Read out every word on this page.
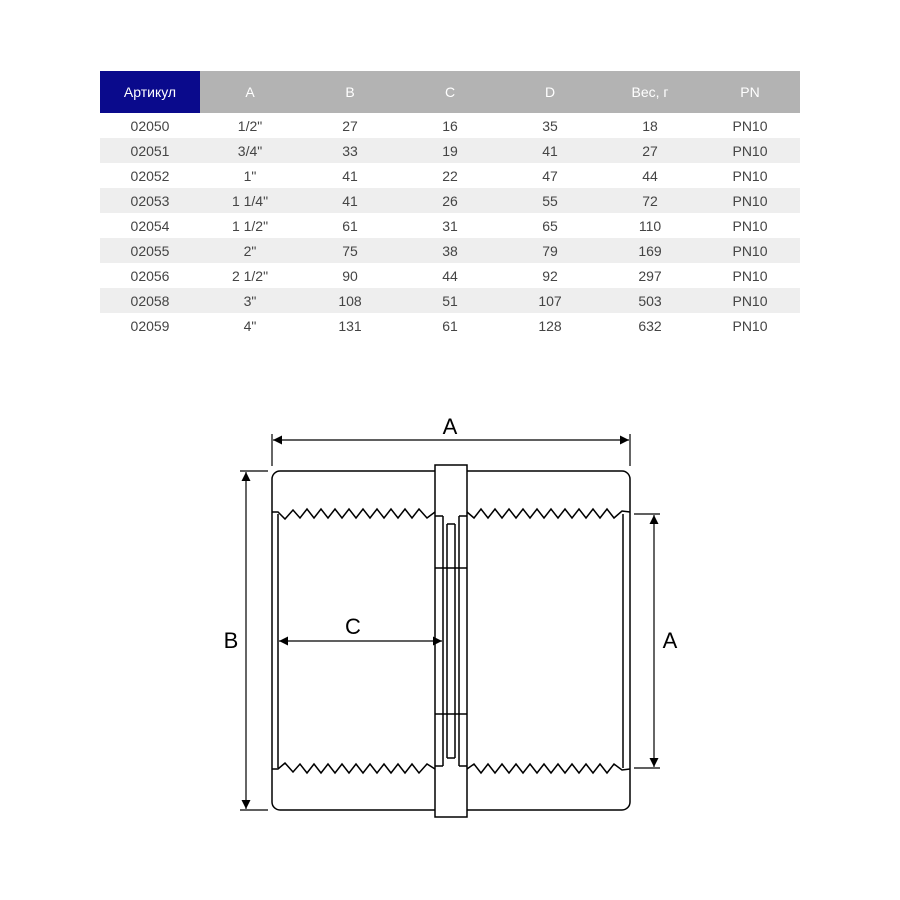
Артикул	A	B	C	D	Вес, г	PN
02050	1/2"	27	16	35	18	PN10
02051	3/4"	33	19	41	27	PN10
02052	1"	41	22	47	44	PN10
02053	1 1/4"	41	26	55	72	PN10
02054	1 1/2"	61	31	65	110	PN10
02055	2"	75	38	79	169	PN10
02056	2 1/2"	90	44	92	297	PN10
02058	3"	108	51	107	503	PN10
02059	4"	131	61	128	632	PN10
A
B
C
A
